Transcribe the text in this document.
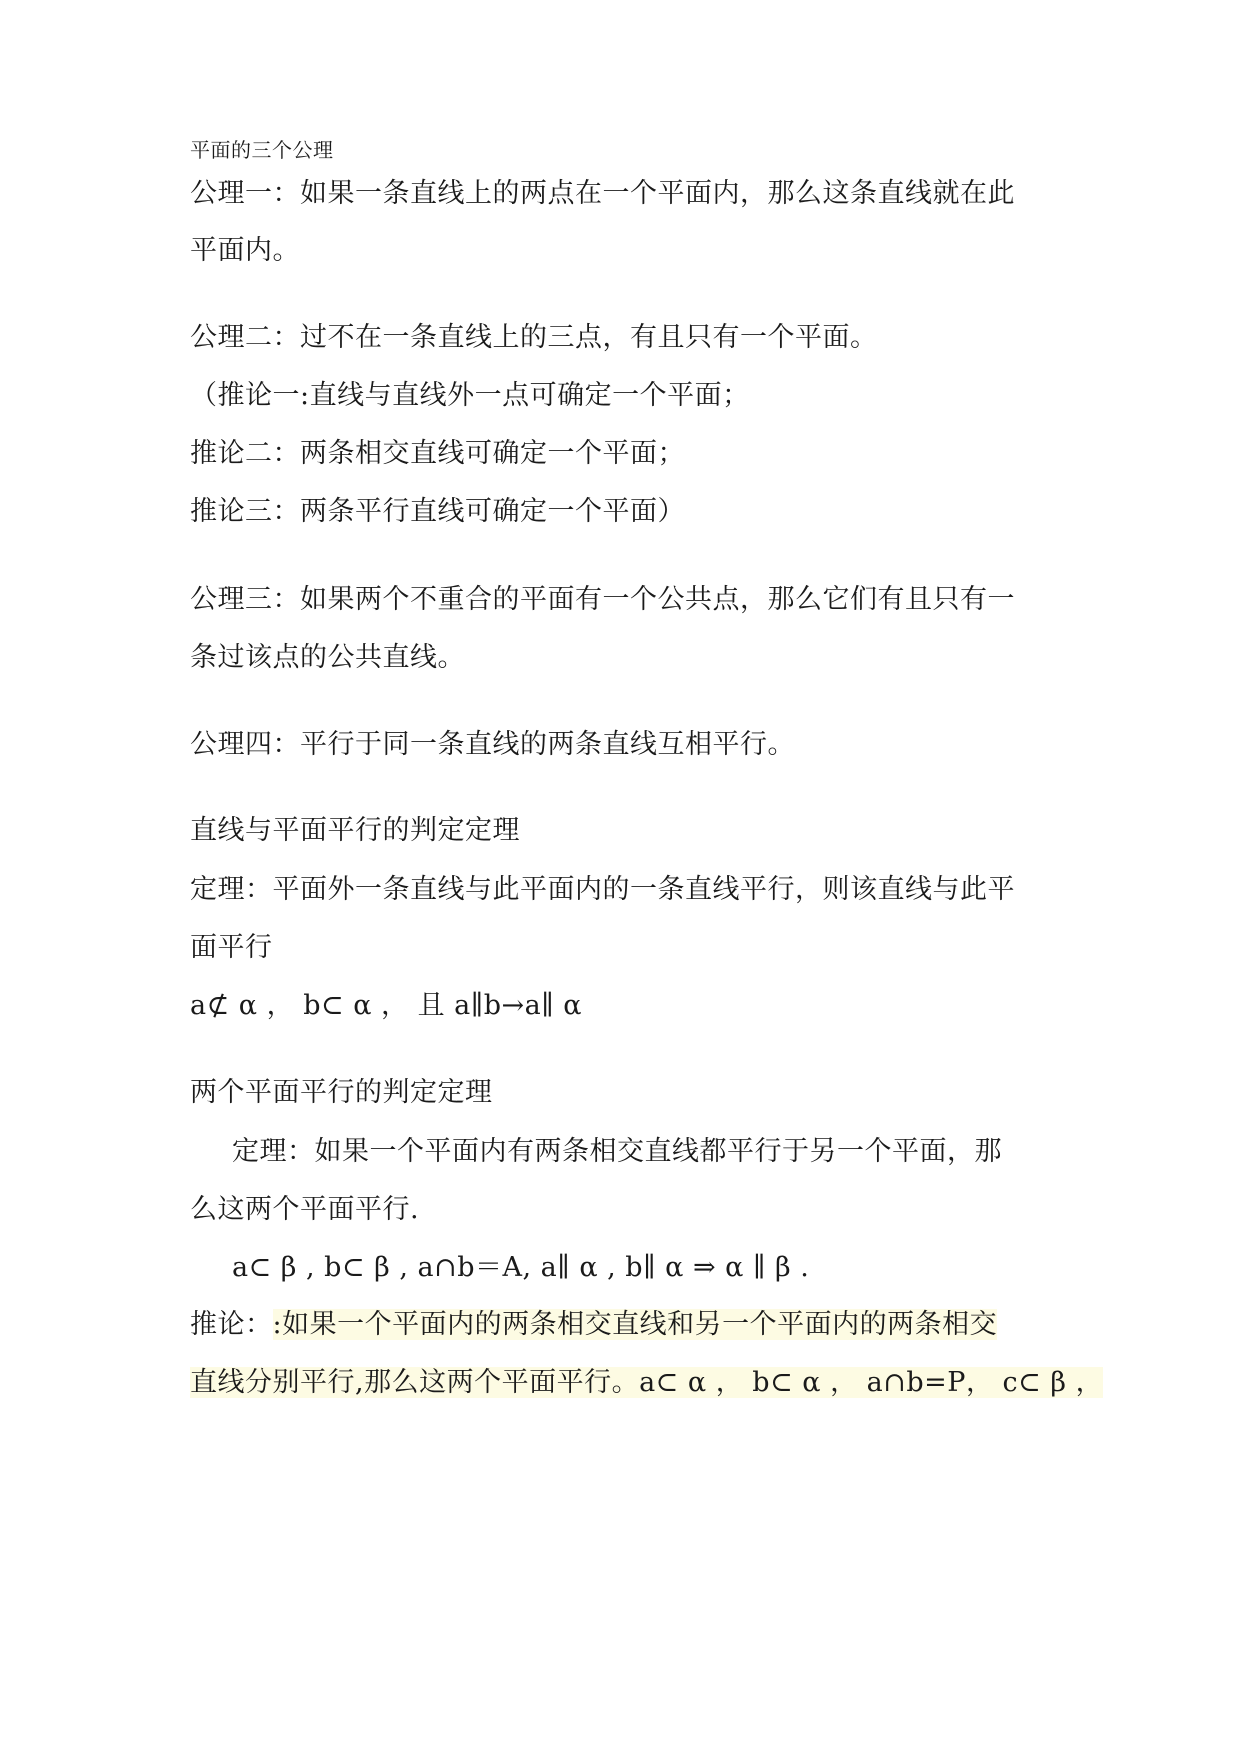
平面的三个公理
公理一：如果一条直线上的两点在一个平面内，那么这条直线就在此
平面内。
公理二：过不在一条直线上的三点，有且只有一个平面。
（推论一:直线与直线外一点可确定一个平面；
推论二：两条相交直线可确定一个平面；
推论三：两条平行直线可确定一个平面）
公理三：如果两个不重合的平面有一个公共点，那么它们有且只有一
条过该点的公共直线。
公理四：平行于同一条直线的两条直线互相平行。
直线与平面平行的判定定理
定理：平面外一条直线与此平面内的一条直线平行，则该直线与此平
面平行
a⊄ α ， b⊂ α ， 且 a∥b→a∥ α
两个平面平行的判定定理
定理：如果一个平面内有两条相交直线都平行于另一个平面，那
么这两个平面平行.
a⊂ β , b⊂ β , a∩b＝A, a∥ α , b∥ α ⇒ α ∥ β .
推论：:如果一个平面内的两条相交直线和另一个平面内的两条相交
直线分别平行,那么这两个平面平行。a⊂ α ， b⊂ α ， a∩b=P， c⊂ β ，
